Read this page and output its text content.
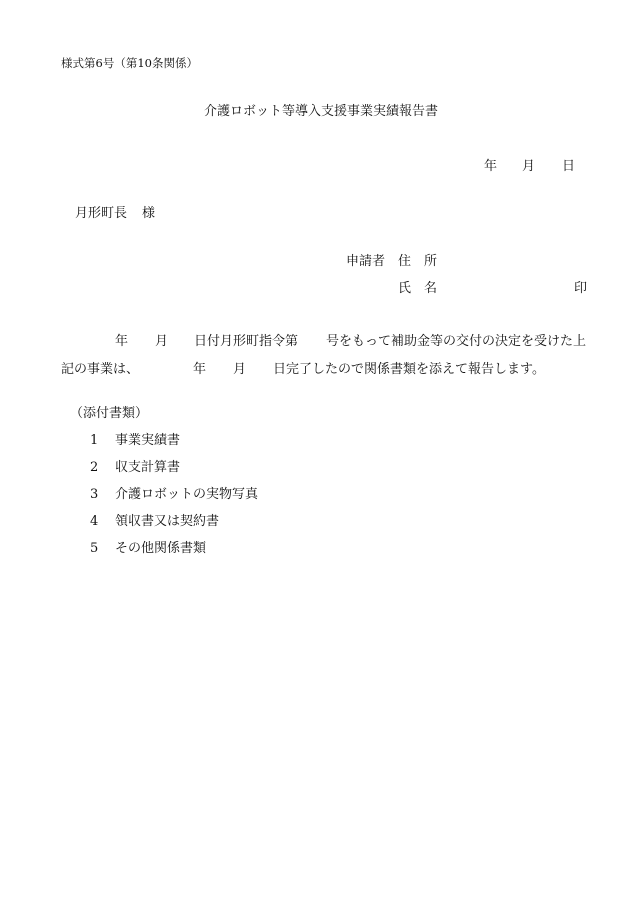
様式第6号（第10条関係）
介護ロボット等導入支援事業実績報告書
年 月 日
月形町長 様
申請者 住　所
氏　名	印
年 月 日付月形町指令第 号をもって補助金等の交付の決定を受けた上
記の事業は、	年 月 日完了したので関係書類を添えて報告します。
（添付書類）
1 事業実績書
2 収支計算書
3 介護ロボットの実物写真
4 領収書又は契約書
5 その他関係書類
